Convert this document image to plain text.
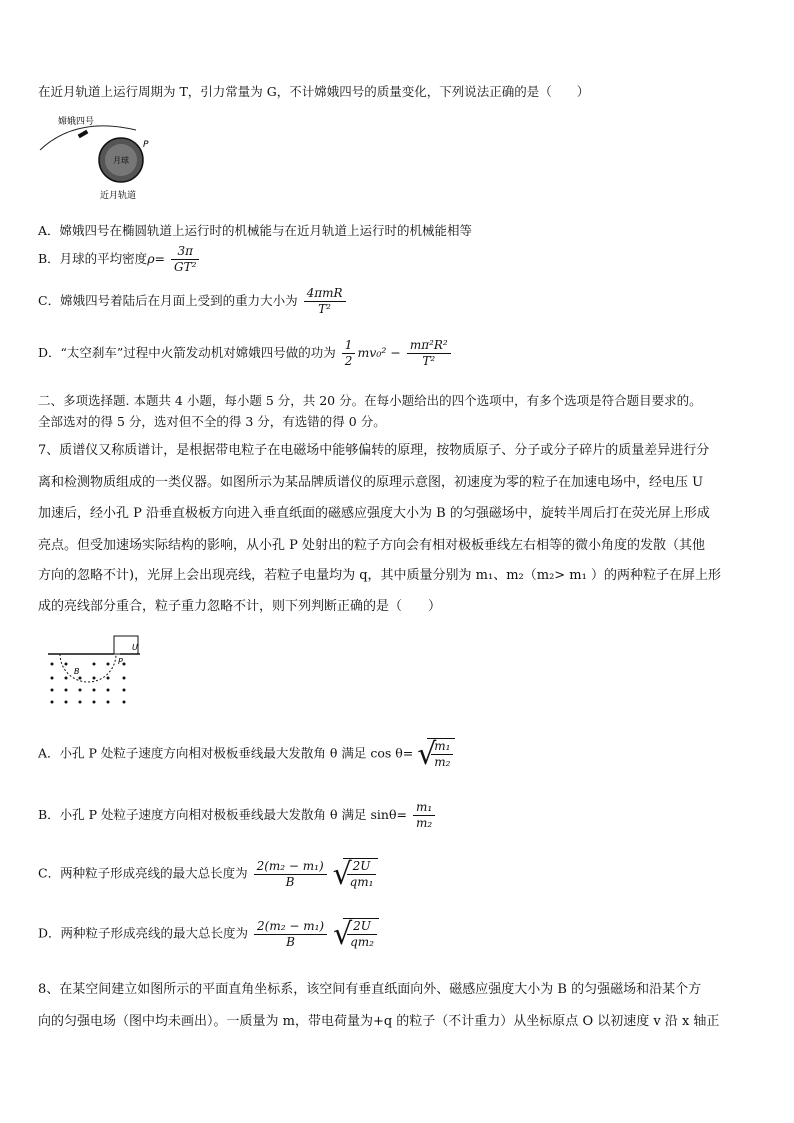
在近月轨道上运行周期为 T，引力常量为 G，不计嫦娥四号的质量变化，下列说法正确的是（　　）
嫦娥四号
月球
P
近月轨道
A．嫦娥四号在椭圆轨道上运行时的机械能与在近月轨道上运行时的机械能相等
B．月球的平均密度$\rho= \frac{3\pi}{\text{GT²}}$
C．嫦娥四号着陆后在月面上受到的重力大小为 $\frac{\text{4πmR}}{\text{T²}}$
D．“太空刹车”过程中火箭发动机对嫦娥四号做的功为 $\frac{1}{2} mv_0^2 - \frac{\text{mπ²R²}}{\text{T²}}$
二、多项选择题. 本题共 4 小题，每小题 5 分，共 20 分。在每小题给出的四个选项中，有多个选项是符合题目要求的。
全部选对的得 5 分，选对但不全的得 3 分，有选错的得 0 分。
7、质谱仪又称质谱计，是根据带电粒子在电磁场中能够偏转的原理，按物质原子、分子或分子碎片的质量差异进行分
离和检测物质组成的一类仪器。如图所示为某品牌质谱仪的原理示意图，初速度为零的粒子在加速电场中，经电压 U
加速后，经小孔 P 沿垂直极板方向进入垂直纸面的磁感应强度大小为 B 的匀强磁场中，旋转半周后打在荧光屏上形成
亮点。但受加速场实际结构的影响，从小孔 P 处射出的粒子方向会有相对极板垂线左右相等的微小角度的发散（其他
方向的忽略不计)，光屏上会出现亮线，若粒子电量均为 q，其中质量分别为 m₁、m₂（m₂> m₁ ）的两种粒子在屏上形
成的亮线部分重合，粒子重力忽略不计，则下列判断正确的是（　　）
U
P
B
A．小孔 P 处粒子速度方向相对极板垂线最大发散角 θ 满足 cos θ= √
$\frac{\text{m₁}}{\text{m₂}}$
B．小孔 P 处粒子速度方向相对极板垂线最大发散角 θ 满足 $\sin\theta= \frac{\text{m₁}}{\text{m₂}}$
C．两种粒子形成亮线的最大总长度为 $\frac{\text{2(m₂ − m₁)}}{B}$
√
$\frac{2U}{\text{qm₁}}$
D．两种粒子形成亮线的最大总长度为 $\frac{\text{2(m₂ − m₁)}}{B}$
√
$\frac{2U}{\text{qm₂}}$
8、在某空间建立如图所示的平面直角坐标系，该空间有垂直纸面向外、磁感应强度大小为 B 的匀强磁场和沿某个方
向的匀强电场（图中均未画出）。一质量为 m，带电荷量为+q 的粒子（不计重力）从坐标原点 O 以初速度 v 沿 x 轴正
